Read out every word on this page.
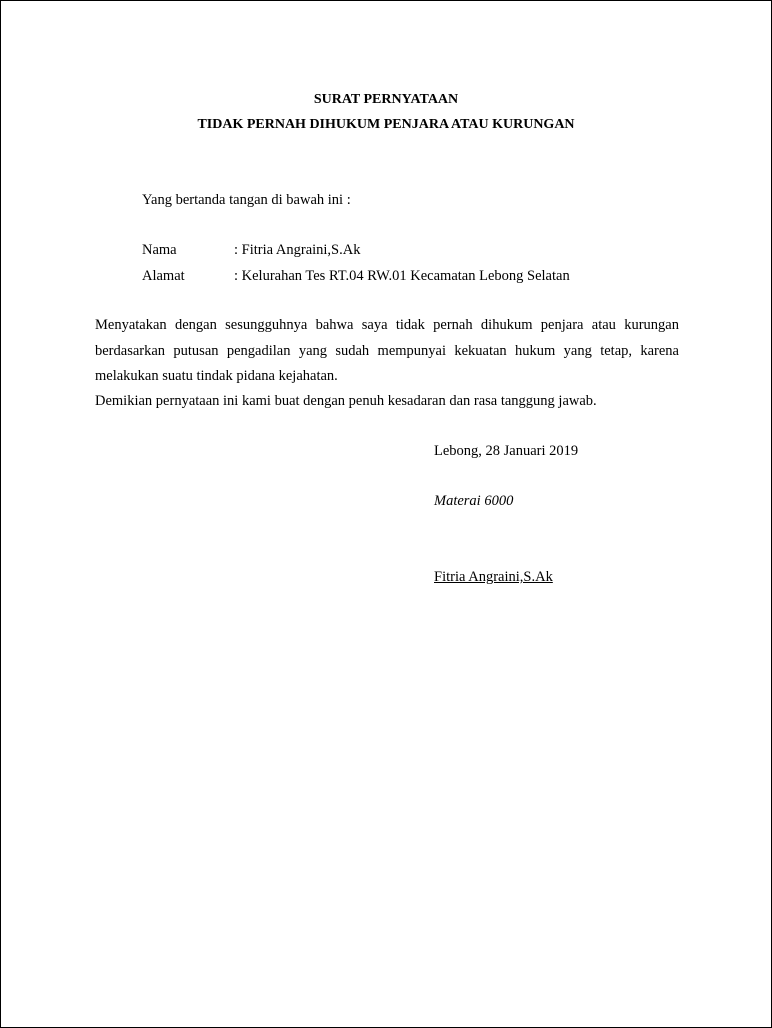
SURAT PERNYATAAN
TIDAK PERNAH DIHUKUM PENJARA ATAU KURUNGAN
Yang bertanda tangan di bawah ini :
Nama	: Fitria Angraini,S.Ak
Alamat	: Kelurahan Tes RT.04 RW.01 Kecamatan Lebong Selatan
Menyatakan dengan sesungguhnya bahwa saya tidak pernah dihukum penjara atau kurungan
berdasarkan putusan pengadilan yang sudah mempunyai kekuatan hukum yang tetap, karena
melakukan suatu tindak pidana kejahatan.
Demikian pernyataan ini kami buat dengan penuh kesadaran dan rasa tanggung jawab.
Lebong, 28 Januari 2019
Materai 6000
Fitria Angraini,S.Ak
